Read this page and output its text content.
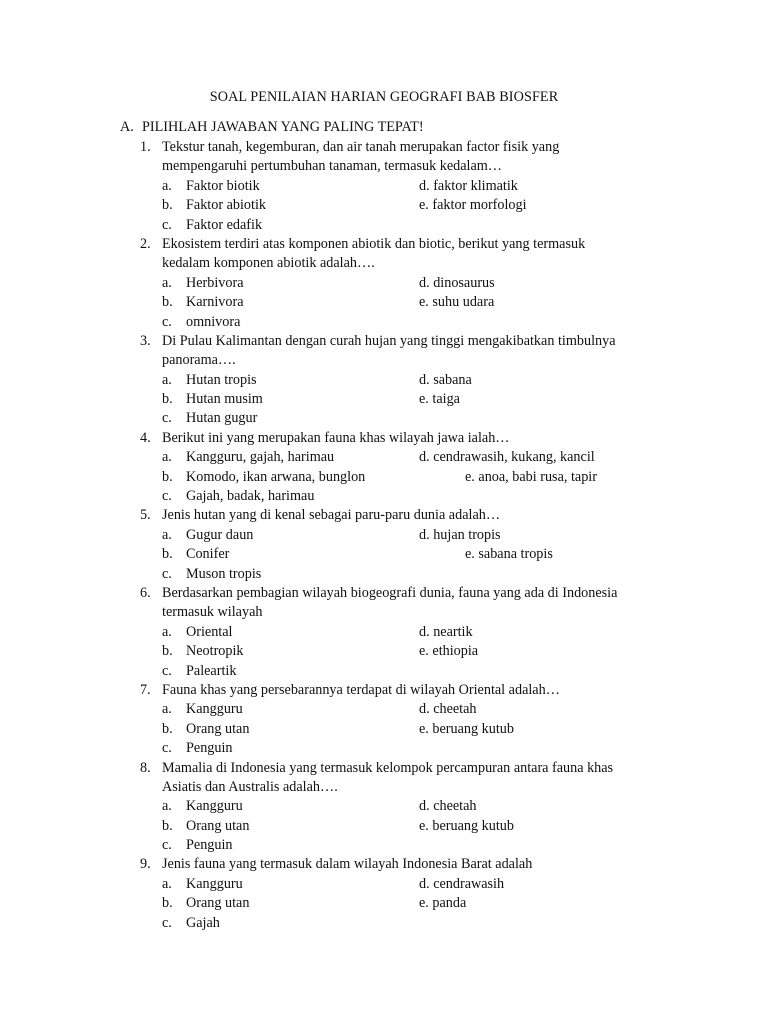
SOAL PENILAIAN HARIAN GEOGRAFI BAB BIOSFER
A. PILIHLAH JAWABAN YANG PALING TEPAT!
1. Tekstur tanah, kegemburan, dan air tanah merupakan factor fisik yang
mempengaruhi pertumbuhan tanaman, termasuk kedalam…
a. Faktor biotik	d. faktor klimatik
b. Faktor abiotik	e. faktor morfologi
c. Faktor edafik
2. Ekosistem terdiri atas komponen abiotik dan biotic, berikut yang termasuk
kedalam komponen abiotik adalah….
a. Herbivora	d. dinosaurus
b. Karnivora	e. suhu udara
c. omnivora
3. Di Pulau Kalimantan dengan curah hujan yang tinggi mengakibatkan timbulnya
panorama….
a. Hutan tropis	d. sabana
b. Hutan musim	e. taiga
c. Hutan gugur
4. Berikut ini yang merupakan fauna khas wilayah jawa ialah…
a. Kangguru, gajah, harimau	d. cendrawasih, kukang, kancil
b. Komodo, ikan arwana, bunglon	e. anoa, babi rusa, tapir
c. Gajah, badak, harimau
5. Jenis hutan yang di kenal sebagai paru-paru dunia adalah…
a. Gugur daun	d. hujan tropis
b. Conifer	e. sabana tropis
c. Muson tropis
6. Berdasarkan pembagian wilayah biogeografi dunia, fauna yang ada di Indonesia
termasuk wilayah
a. Oriental	d. neartik
b. Neotropik	e. ethiopia
c. Paleartik
7. Fauna khas yang persebarannya terdapat di wilayah Oriental adalah…
a. Kangguru	d. cheetah
b. Orang utan	e. beruang kutub
c. Penguin
8. Mamalia di Indonesia yang termasuk kelompok percampuran antara fauna khas
Asiatis dan Australis adalah….
a. Kangguru	d. cheetah
b. Orang utan	e. beruang kutub
c. Penguin
9. Jenis fauna yang termasuk dalam wilayah Indonesia Barat adalah
a. Kangguru	d. cendrawasih
b. Orang utan	e. panda
c. Gajah
